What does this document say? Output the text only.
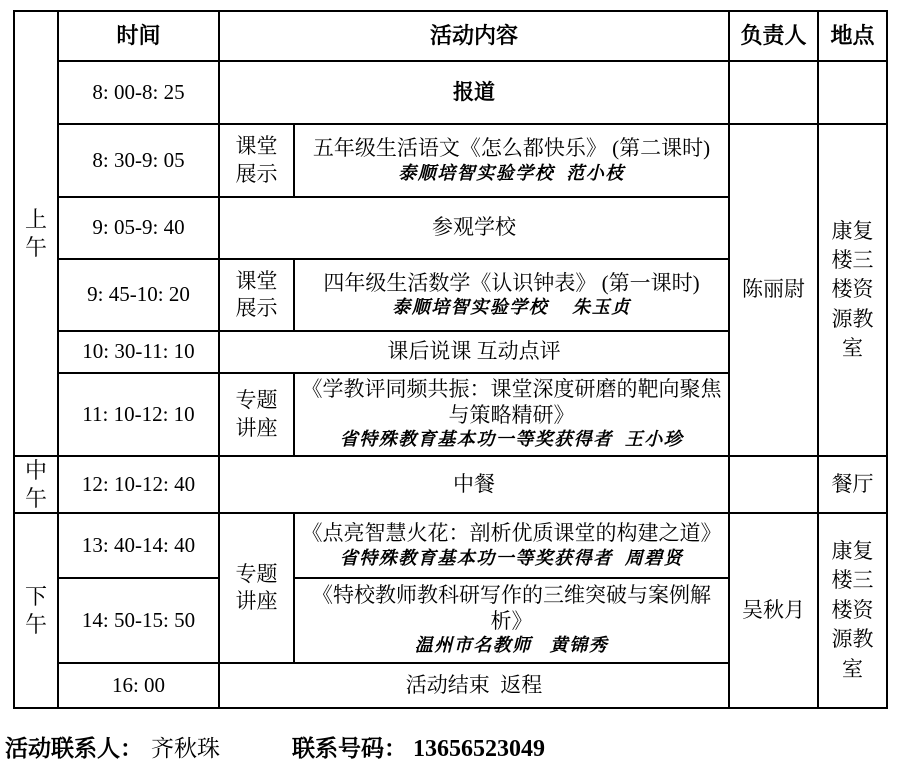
上午	时间	活动内容		负责人	地点
	8: 00-8: 25	报道			
	8: 30-9: 05	课堂展示	五年级生活语文《怎么都快乐》 (第二课时)
泰顺培智实验学校  范小枝	陈丽尉	康复楼三楼资源教室
	9: 05-9: 40	参观学校			
	9: 45-10: 20	课堂展示	四年级生活数学《认识钟表》 (第一课时)
泰顺培智实验学校    朱玉贞		

	10: 30-11: 10	课后说课 互动点评			
	11: 10-12: 10	专题讲座	《学教评同频共振：课堂深度研磨的靶向聚焦与策略精研》
省特殊教育基本功一等奖获得者  王小珍		

中午	12: 10-12: 40	中餐			餐厅
下午	13: 40-14: 40	专题讲座	《点亮智慧火花：剖析优质课堂的构建之道》
省特殊教育基本功一等奖获得者  周碧贤	吴秋月	康复楼三楼资源教室
	14: 50-15: 50		《特校教师教科研写作的三维突破与案例解析》
温州市名教师   黄锦秀		

	16: 00	活动结束  返程			
活动联系人： 齐秋珠	联系号码： 13656523049
